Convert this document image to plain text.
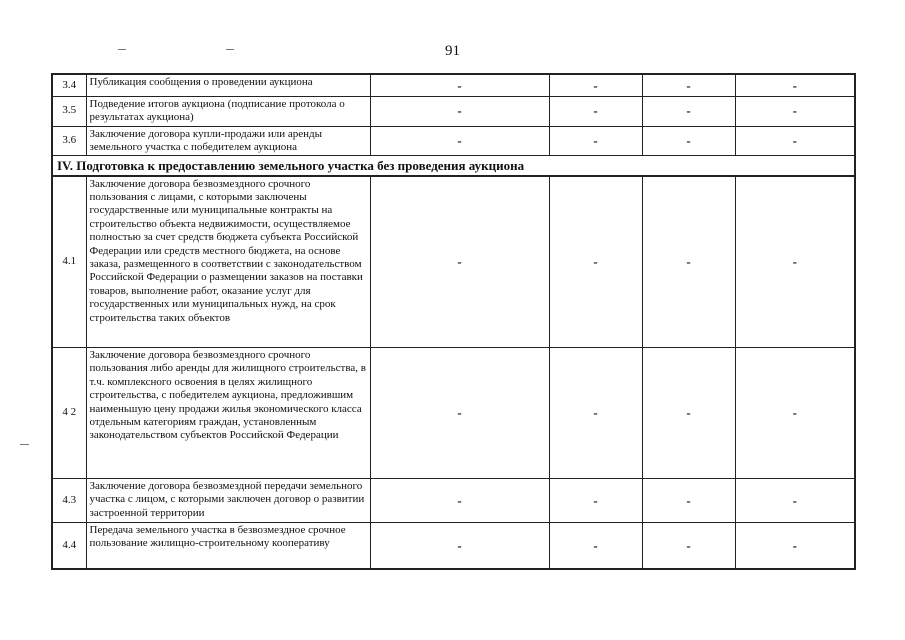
91
3.4	Публикация сообщения о проведении аукциона	-	-	-	-
3.5	Подведение итогов аукциона (подписание протокола о результатах аукциона)	-	-	-	-
3.6	Заключение договора купли-продажи или аренды земельного участка с победителем аукциона	-	-	-	-
IV. Подготовка к предоставлению земельного участка без проведения аукциона					
4.1	Заключение договора безвозмездного срочного пользования с лицами, с которыми заключены государственные или муниципальные контракты на строительство объекта недвижимости, осуществляемое полностью за счет средств бюджета субъекта Российской Федерации или средств местного бюджета, на основе заказа, размещенного в соответствии с законодательством Российской Федерации о размещении заказов на поставки товаров, выполнение работ, оказание услуг для государственных или муниципальных нужд, на срок строительства таких объектов	-	-	-	-
4 2	Заключение договора безвозмездного срочного пользования либо аренды для жилищного строительства, в т.ч. комплексного освоения в целях жилищного строительства, с победителем аукциона, предложившим наименьшую цену продажи жилья экономического класса отдельным категориям граждан, установленным законодательством субъектов Российской Федерации	-	-	-	-
4.3	Заключение договора безвозмездной передачи земельного участка с лицом, с которыми заключен договор о развитии застроенной территории	-	-	-	-
4.4	Передача земельного участка в безвозмездное срочное пользование жилищно-строительному кооперативу	-	-	-	-
